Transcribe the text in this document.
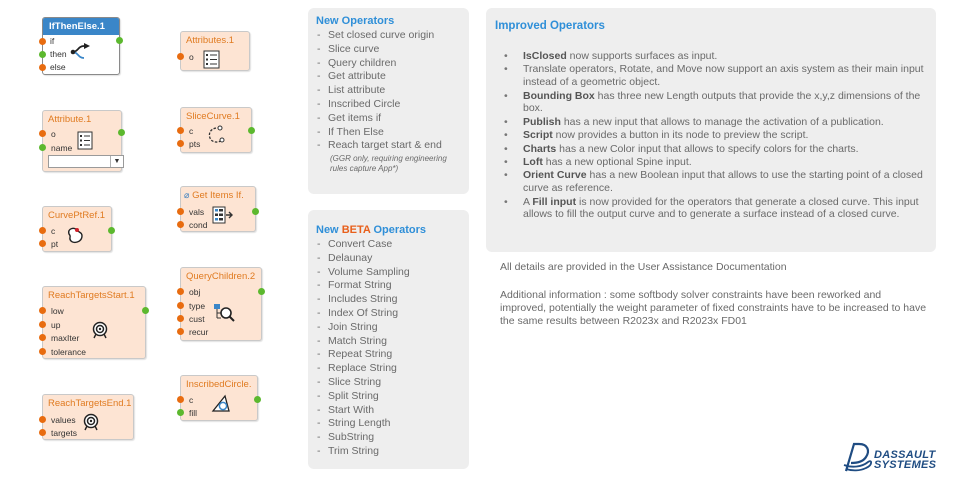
IfThenElse.1
if
then
else
Attributes.1
o
Attribute.1
o
name
▼
SliceCurve.1
c
pts
⌀ Get Items If.
vals
cond
CurvePtRef.1
c
pt
QueryChildren.2
obj
type
cust
recur
ReachTargetsStart.1
low
up
maxIter
tolerance
InscribedCircle.
c
fill
ReachTargetsEnd.1
values
targets
New Operators
- Set closed curve origin
- Slice curve
- Query children
- Get attribute
- List attribute
- Inscribed Circle
- Get items if
- If Then Else
- Reach target start & end
(GGR only, requiring engineering rules capture App*)
New BETA Operators
- Convert Case
- Delaunay
- Volume Sampling
- Format String
- Includes String
- Index Of String
- Join String
- Match String
- Repeat String
- Replace String
- Slice String
- Split String
- Start With
- String Length
- SubString
- Trim String
Improved Operators
• IsClosed now supports surfaces as input.
• Translate operators, Rotate, and Move now support an axis system as their main input instead of a geometric object.
• Bounding Box has three new Length outputs that provide the x,y,z dimensions of the box.
• Publish has a new input that allows to manage the activation of a publication.
• Script now provides a button in its node to preview the script.
• Charts has a new Color input that allows to specify colors for the charts.
• Loft has a new optional Spine input.
• Orient Curve has a new Boolean input that allows to use the starting point of a closed curve as reference.
• A Fill input is now provided for the operators that generate a closed curve. This input allows to fill the output curve and to generate a surface instead of a closed curve.
All details are provided in the User Assistance Documentation
Additional information : some softbody solver constraints have been reworked and improved, potentially the weight parameter of fixed constraints have to be increased to have the same results between R2023x and R2023x FD01
DASSAULT
SYSTEMES
